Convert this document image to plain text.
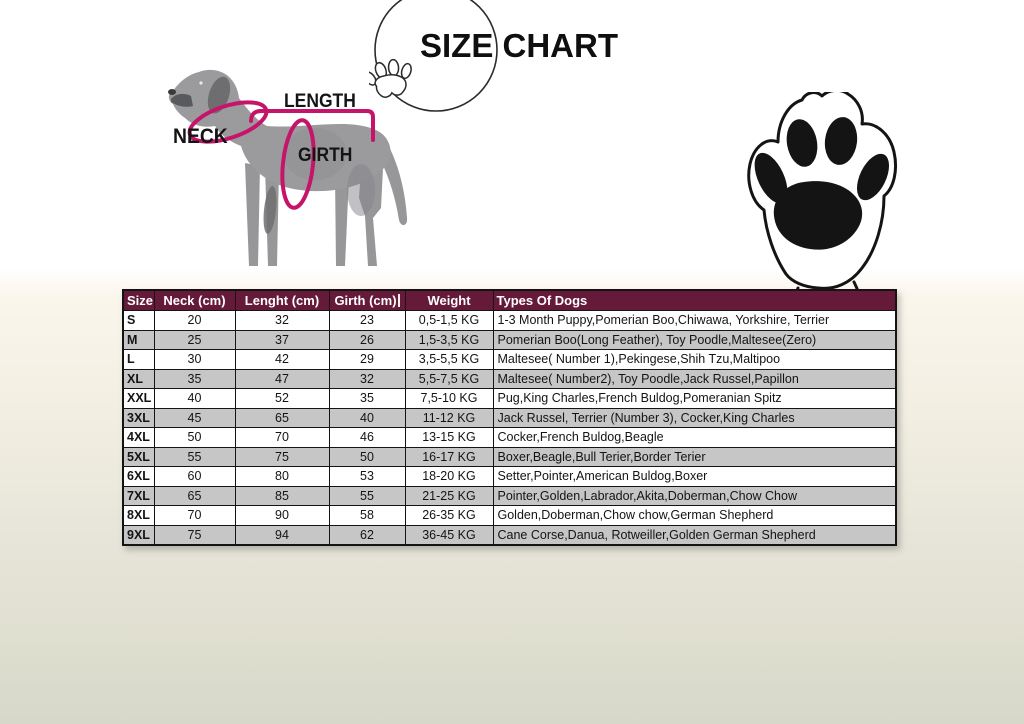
SIZE CHART
NECK
LENGTH
GIRTH
Size	Neck (cm)	Lenght (cm)	Girth (cm)	Weight	Types Of Dogs
S	20	32	23	0,5-1,5 KG	1-3 Month Puppy,Pomerian Boo,Chiwawa, Yorkshire, Terrier
M	25	37	26	1,5-3,5 KG	Pomerian Boo(Long Feather), Toy Poodle,Maltesee(Zero)
L	30	42	29	3,5-5,5 KG	Maltesee( Number 1),Pekingese,Shih Tzu,Maltipoo
XL	35	47	32	5,5-7,5 KG	Maltesee( Number2), Toy Poodle,Jack Russel,Papillon
XXL	40	52	35	7,5-10 KG	Pug,King Charles,French Buldog,Pomeranian Spitz
3XL	45	65	40	11-12 KG	Jack Russel, Terrier (Number 3), Cocker,King Charles
4XL	50	70	46	13-15 KG	Cocker,French Buldog,Beagle
5XL	55	75	50	16-17 KG	Boxer,Beagle,Bull Terier,Border Terier
6XL	60	80	53	18-20 KG	Setter,Pointer,American Buldog,Boxer
7XL	65	85	55	21-25 KG	Pointer,Golden,Labrador,Akita,Doberman,Chow Chow
8XL	70	90	58	26-35 KG	Golden,Doberman,Chow chow,German Shepherd
9XL	75	94	62	36-45 KG	Cane Corse,Danua, Rotweiller,Golden German Shepherd
